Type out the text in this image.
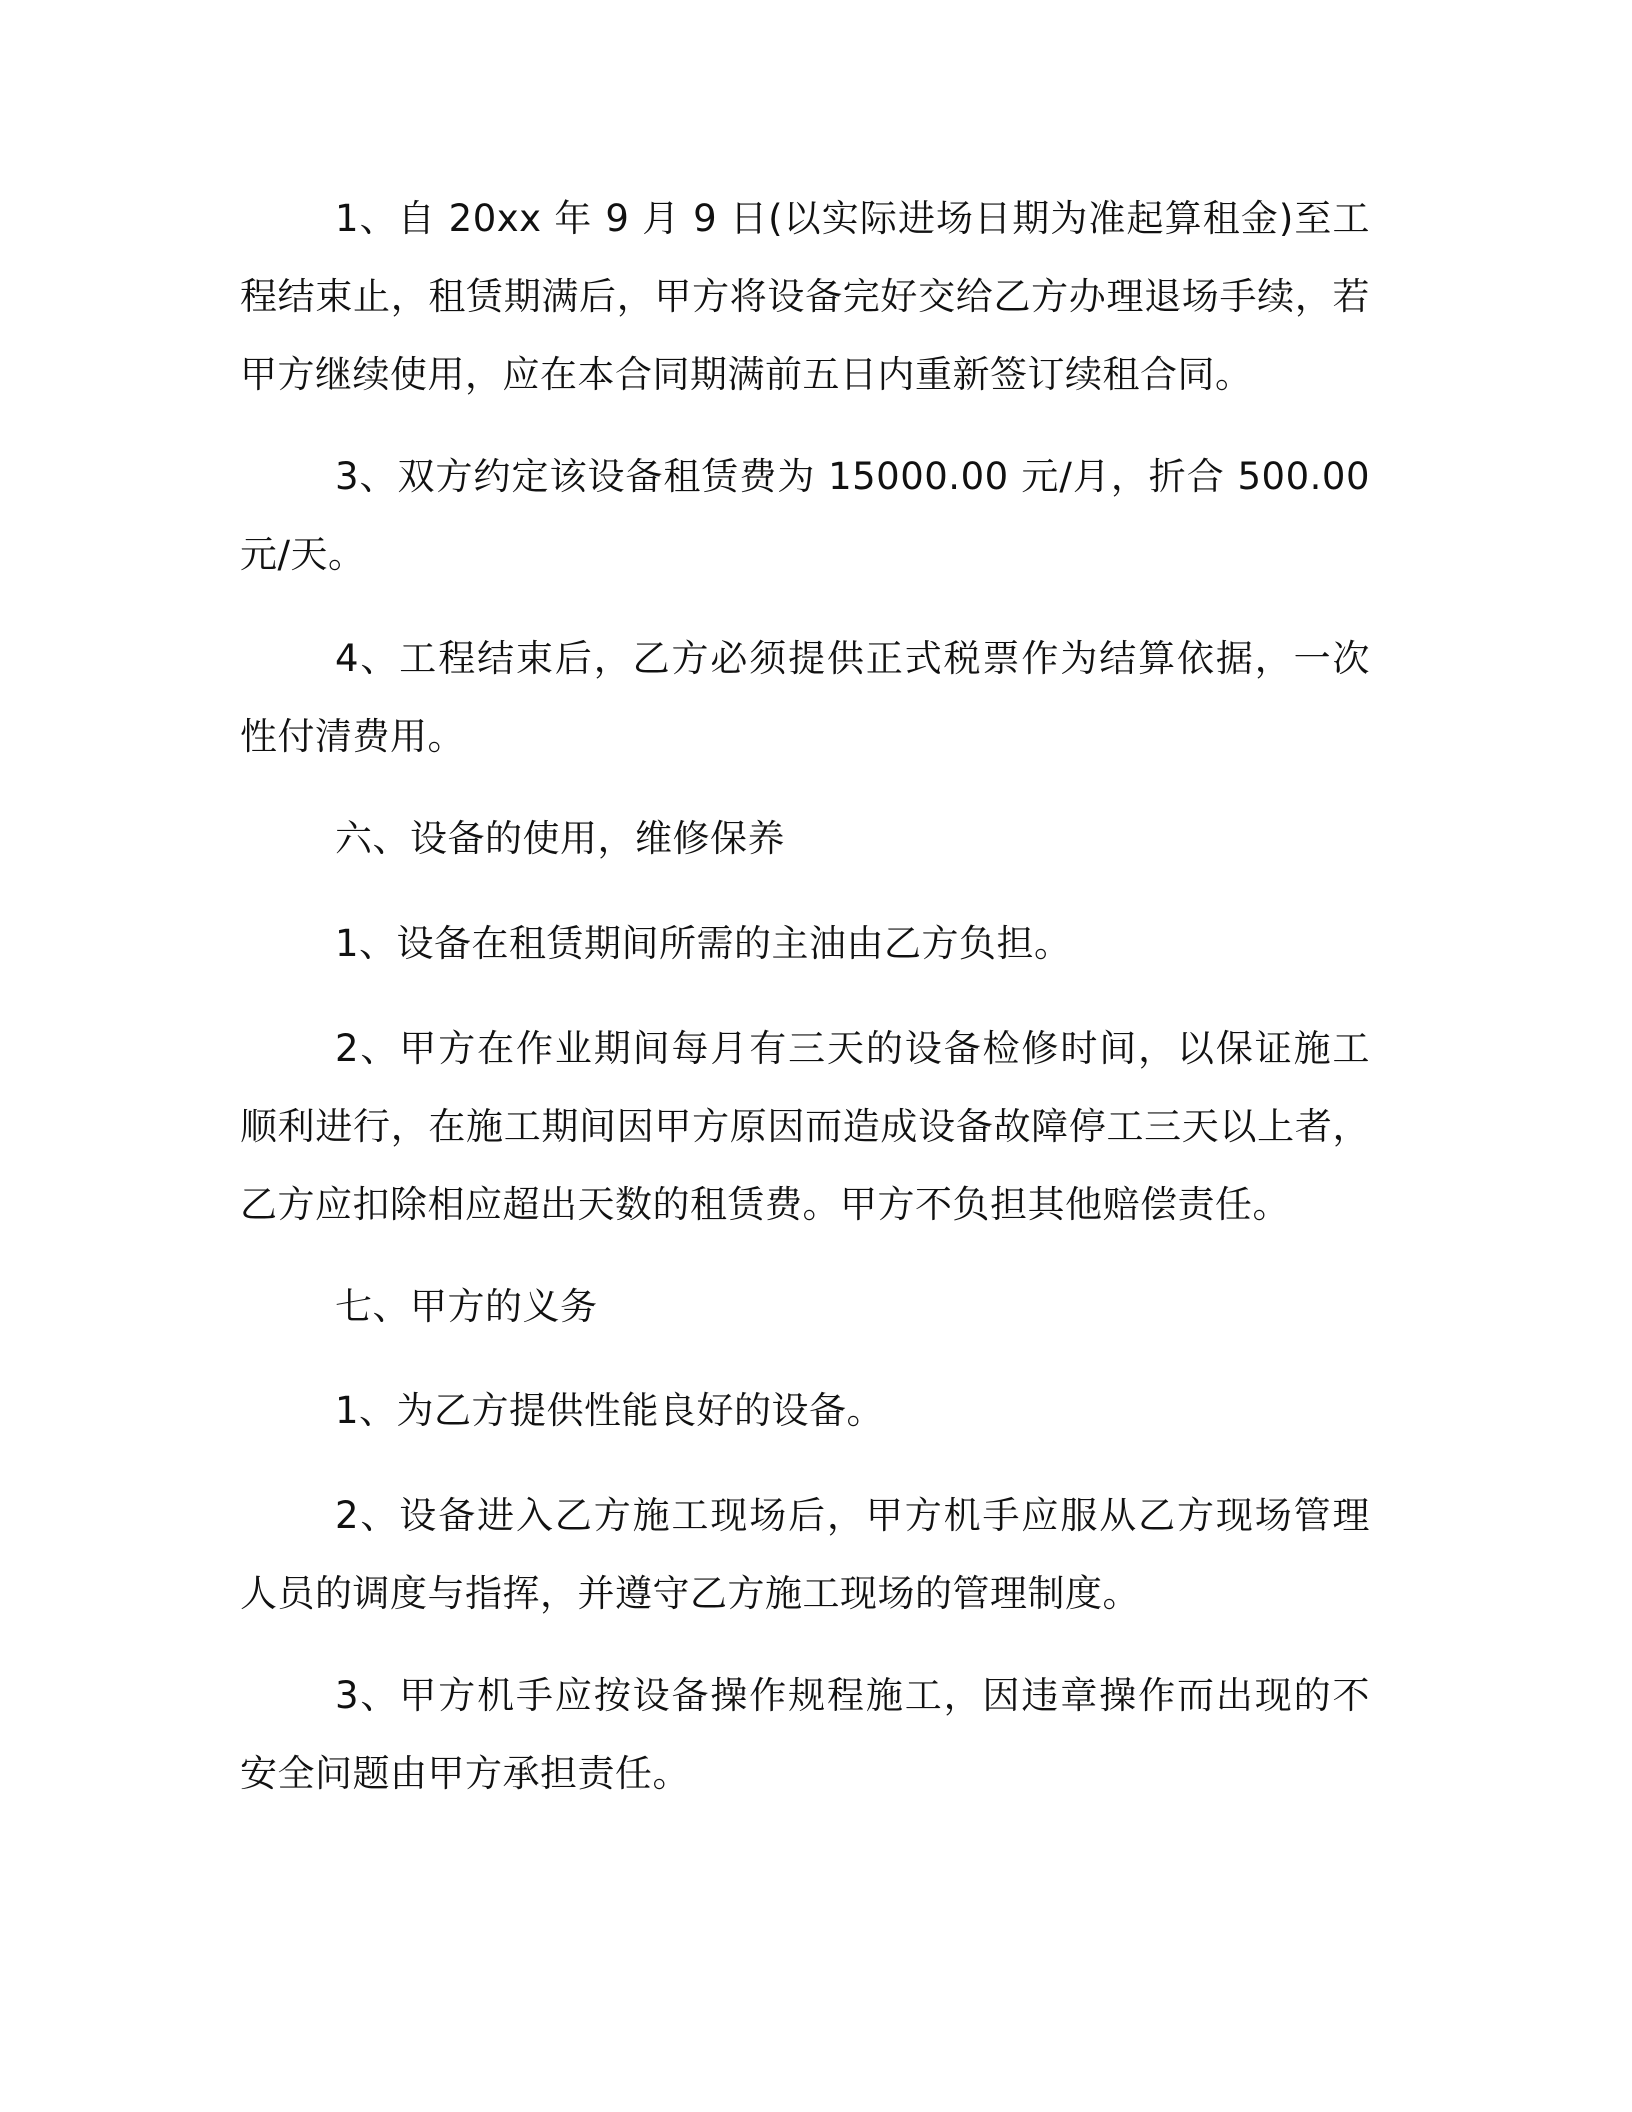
1、自 20xx 年 9 月 9 日(以实际进场日期为准起算租金)至工程结束止，租赁期满后，甲方将设备完好交给乙方办理退场手续，若甲方继续使用，应在本合同期满前五日内重新签订续租合同。

3、双方约定该设备租赁费为 15000.00 元/月，折合 500.00 元/天。

4、工程结束后，乙方必须提供正式税票作为结算依据，一次性付清费用。

六、设备的使用，维修保养

1、设备在租赁期间所需的主油由乙方负担。

2、甲方在作业期间每月有三天的设备检修时间，以保证施工顺利进行，在施工期间因甲方原因而造成设备故障停工三天以上者，乙方应扣除相应超出天数的租赁费。甲方不负担其他赔偿责任。

七、甲方的义务

1、为乙方提供性能良好的设备。

2、设备进入乙方施工现场后，甲方机手应服从乙方现场管理人员的调度与指挥，并遵守乙方施工现场的管理制度。

3、甲方机手应按设备操作规程施工，因违章操作而出现的不安全问题由甲方承担责任。
